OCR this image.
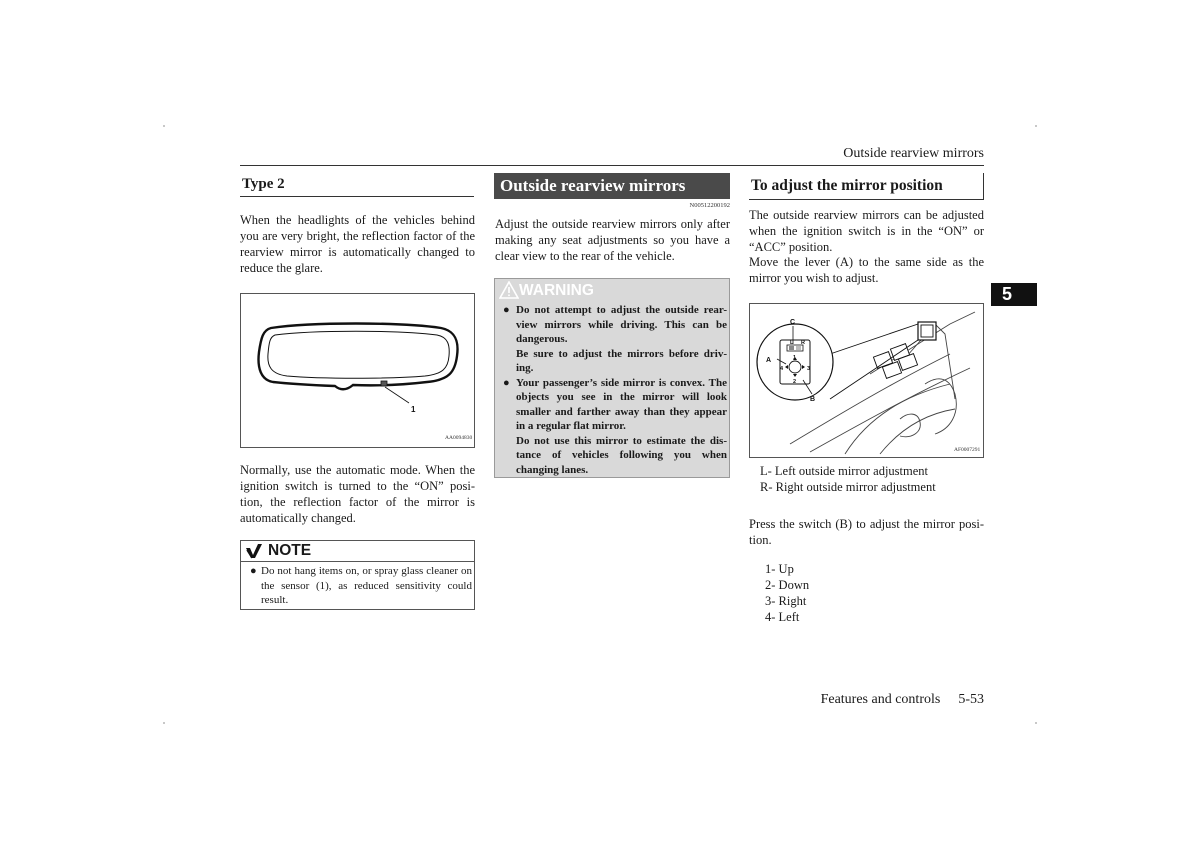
Outside rearview mirrors
5
Type 2
When the headlights of the vehicles behind you are very bright, the reflection factor of the rearview mirror is automatically changed to reduce the glare.
1
AA0094830
Normally, use the automatic mode. When the ignition switch is turned to the “ON” posi- tion, the reflection factor of the mirror is automatically changed.
NOTE
● Do not hang items on, or spray glass cleaner on the sensor (1), as reduced sensitivity could result.
Outside rearview mirrors
N00512200192
Adjust the outside rearview mirrors only after making any seat adjustments so you have a clear view to the rear of the vehicle.
WARNING
● Do not attempt to adjust the outside rear- view mirrors while driving. This can be dangerous.
Be sure to adjust the mirrors before driv- ing.
● Your passenger’s side mirror is convex. The objects you see in the mirror will look smaller and farther away than they appear in a regular flat mirror.
Do not use this mirror to estimate the dis- tance of vehicles following you when changing lanes.
To adjust the mirror position
The outside rearview mirrors can be adjusted when the ignition switch is in the “ON” or “ACC” position.
Move the lever (A) to the same side as the mirror you wish to adjust.
C
A
B
L R
1
2
3
4
AF0007291
L- Left outside mirror adjustment
R- Right outside mirror adjustment
Press the switch (B) to adjust the mirror posi- tion.
1- Up
2- Down
3- Right
4- Left
Features and controls 5-53
